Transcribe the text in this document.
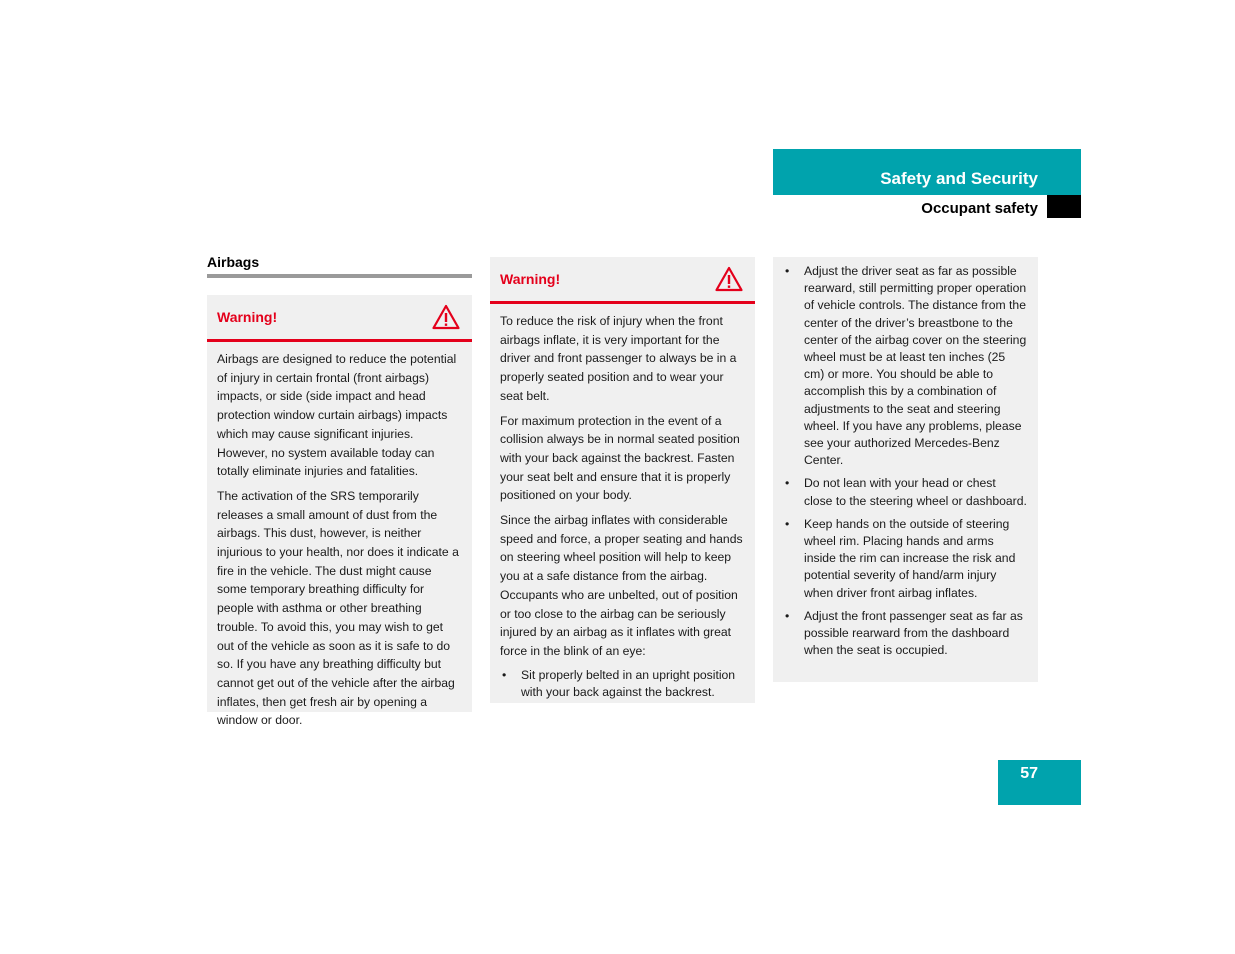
Safety and Security
Occupant safety
Airbags
Warning!

Airbags are designed to reduce the potential of injury in certain frontal (front airbags) impacts, or side (side impact and head protection window curtain airbags) impacts which may cause significant injuries. However, no system available today can totally eliminate injuries and fatalities.

The activation of the SRS temporarily releases a small amount of dust from the airbags. This dust, however, is neither injurious to your health, nor does it indicate a fire in the vehicle. The dust might cause some temporary breathing difficulty for people with asthma or other breathing trouble. To avoid this, you may wish to get out of the vehicle as soon as it is safe to do so. If you have any breathing difficulty but cannot get out of the vehicle after the airbag inflates, then get fresh air by opening a window or door.

Warning!

To reduce the risk of injury when the front airbags inflate, it is very important for the driver and front passenger to always be in a properly seated position and to wear your seat belt.

For maximum protection in the event of a collision always be in normal seated position with your back against the backrest. Fasten your seat belt and ensure that it is properly positioned on your body.

Since the airbag inflates with considerable speed and force, a proper seating and hands on steering wheel position will help to keep you at a safe distance from the airbag. Occupants who are unbelted, out of position or too close to the airbag can be seriously injured by an airbag as it inflates with great force in the blink of an eye:

• Sit properly belted in an upright position with your back against the backrest.
• Adjust the driver seat as far as possible rearward, still permitting proper operation of vehicle controls. The distance from the center of the driver’s breastbone to the center of the airbag cover on the steering wheel must be at least ten inches (25 cm) or more. You should be able to accomplish this by a combination of adjustments to the seat and steering wheel. If you have any problems, please see your authorized Mercedes-Benz Center.
• Do not lean with your head or chest close to the steering wheel or dashboard.
• Keep hands on the outside of steering wheel rim. Placing hands and arms inside the rim can increase the risk and potential severity of hand/arm injury when driver front airbag inflates.
• Adjust the front passenger seat as far as possible rearward from the dashboard when the seat is occupied.
57
